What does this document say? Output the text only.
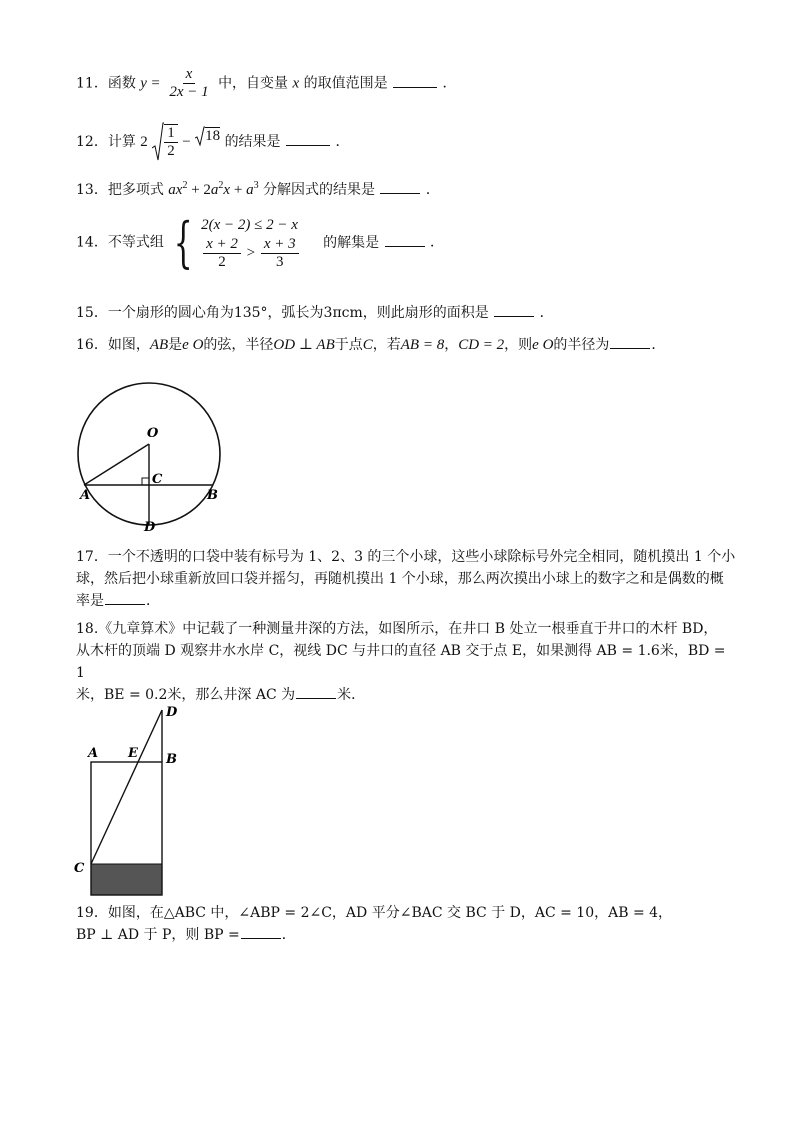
11．函数 $y = \frac{x}{2x - 1}$ 中，自变量 x 的取值范围是	．
12．计算 $2 \frac{1}{2} - 18$ 的结果是	．
13．把多项式 $ax^2 + 2a^2x + a^3$ 分解因式的结果是	．
14．不等式组 { 2(x − 2) ≤ 2 − x
$\frac{x + 2}{2} > \frac{x + 3}{3}$ 的解集是	．
15．一个扇形的圆心角为135°，弧长为3πcm，则此扇形的面积是	．
16．如图，AB是e O的弦，半径OD ⊥ AB于点C，若AB = 8，CD = 2，则e O的半径为	．
O
C
A	B
D
17．一个不透明的口袋中装有标号为 1、2、3 的三个小球，这些小球除标号外完全相同，随机摸出 1 个小
球，然后把小球重新放回口袋并摇匀，再随机摸出 1 个小球，那么两次摸出小球上的数字之和是偶数的概
率是	．
18.《九章算术》中记载了一种测量井深的方法，如图所示，在井口 B 处立一根垂直于井口的木杆 BD，
从木杆的顶端 D 观察井水水岸 C，视线 DC 与井口的直径 AB 交于点 E，如果测得 AB = 1.6米，BD = 1
米，BE = 0.2米，那么井深 AC 为	米．
D
A E B
C
19．如图，在△ABC 中，∠ABP = 2∠C，AD 平分∠BAC 交 BC 于 D，AC = 10，AB = 4，
BP ⊥ AD 于 P，则 BP =	．
